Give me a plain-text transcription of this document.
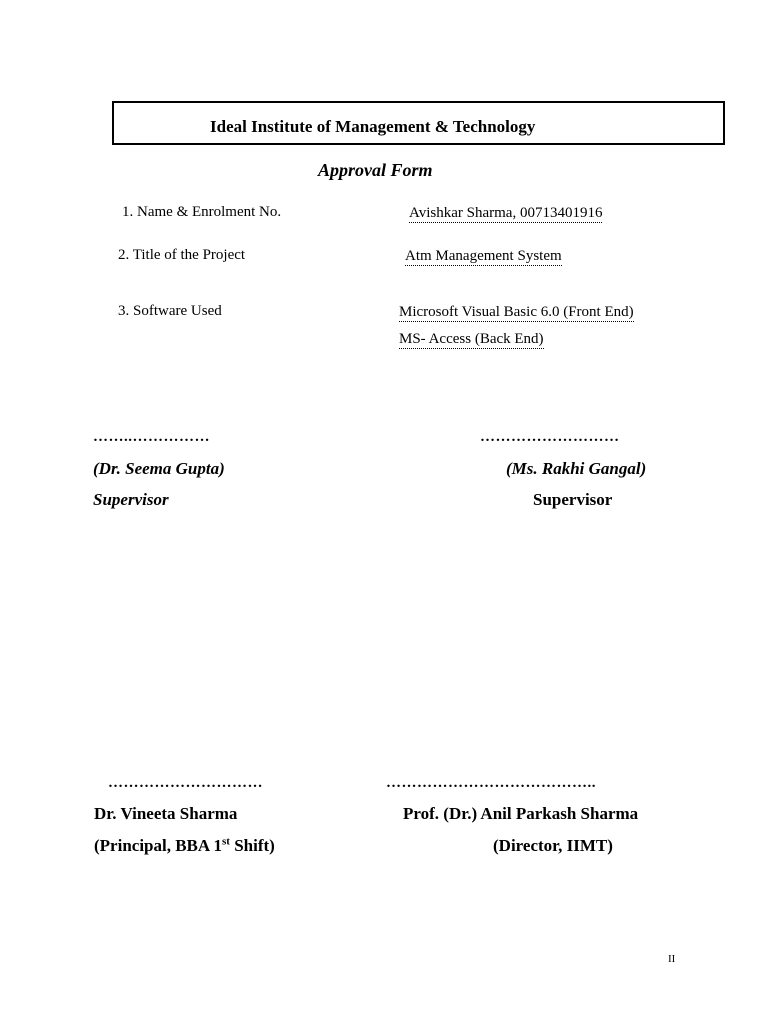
Ideal Institute of Management & Technology
Approval Form
1. Name & Enrolment No.	Avishkar Sharma, 00713401916
2. Title of the Project	Atm Management System
3. Software Used	Microsoft Visual Basic 6.0 (Front End)
MS- Access (Back End)
……..……………	………………………
(Dr. Seema Gupta)
Supervisor
(Ms. Rakhi Gangal)
Supervisor
…………………………	…………………………………..
Dr. Vineeta Sharma
(Principal, BBA 1st Shift)
Prof. (Dr.) Anil Parkash Sharma
(Director, IIMT)
II
